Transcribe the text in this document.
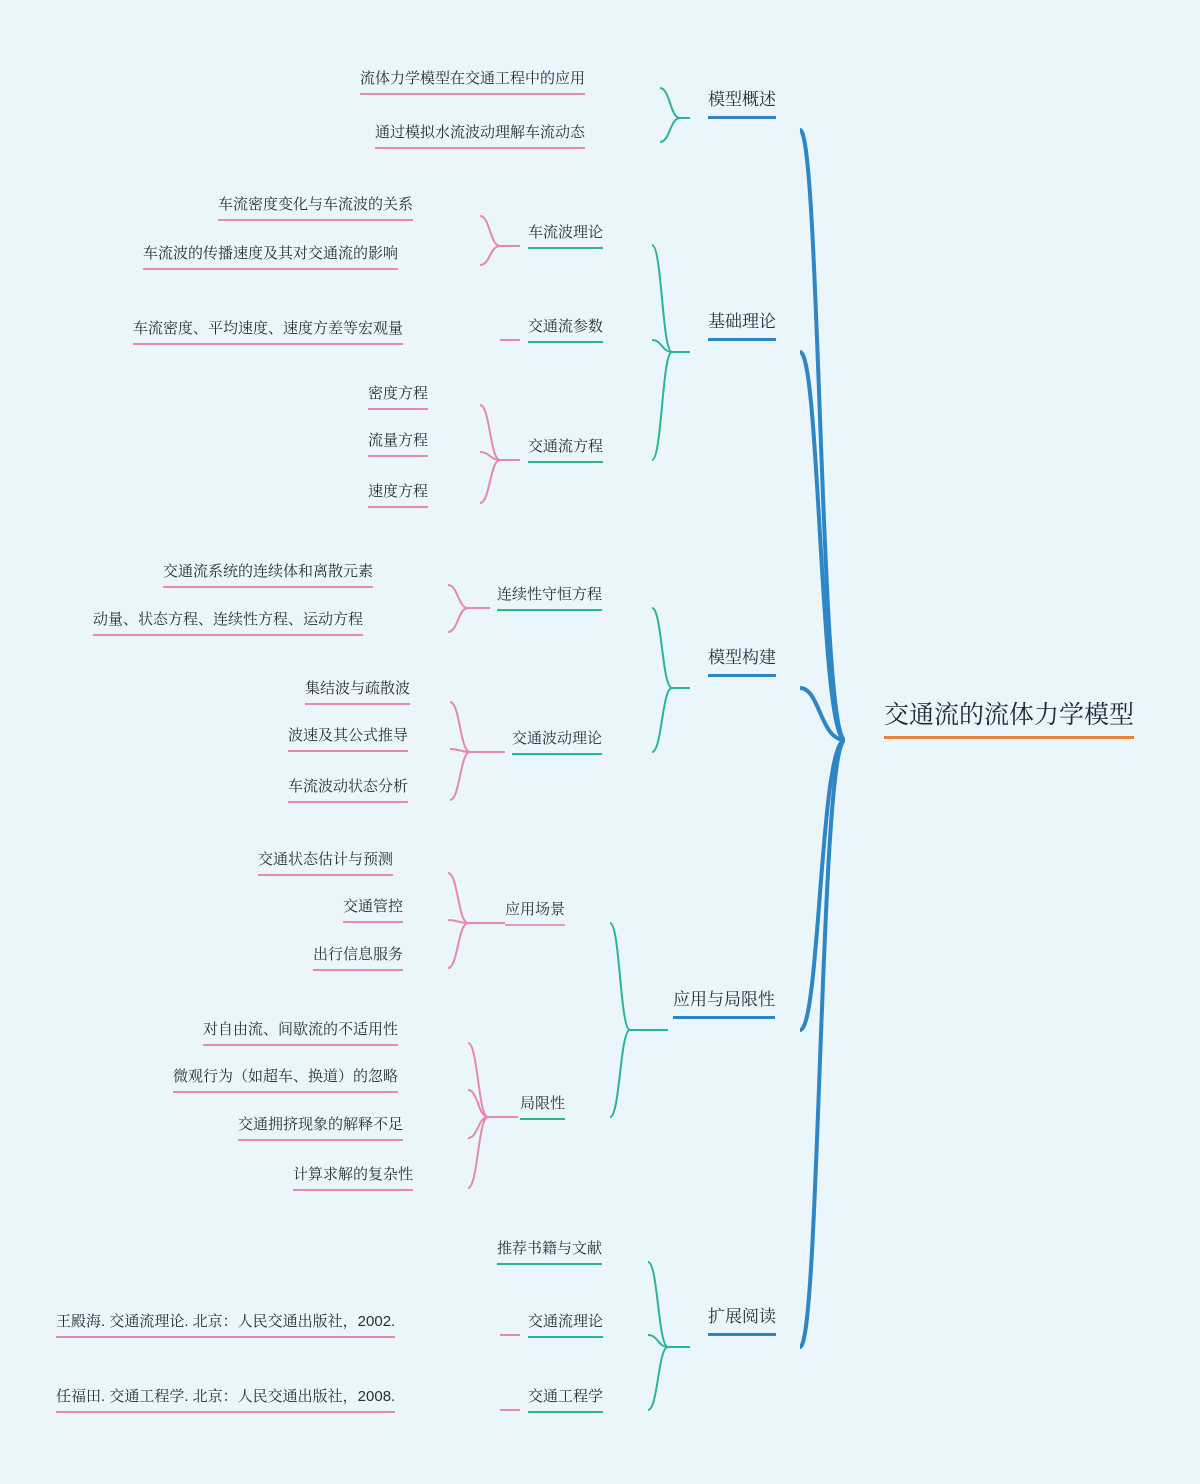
交通流的流体力学模型
模型概述
基础理论
模型构建
应用与局限性
扩展阅读
流体力学模型在交通工程中的应用
通过模拟水流波动理解车流动态
车流波理论
交通流参数
交通流方程
车流密度变化与车流波的关系
车流波的传播速度及其对交通流的影响
车流密度、平均速度、速度方差等宏观量
密度方程
流量方程
速度方程
连续性守恒方程
交通波动理论
交通流系统的连续体和离散元素
动量、状态方程、连续性方程、运动方程
集结波与疏散波
波速及其公式推导
车流波动状态分析
应用场景
局限性
交通状态估计与预测
交通管控
出行信息服务
对自由流、间歇流的不适用性
微观行为（如超车、换道）的忽略
交通拥挤现象的解释不足
计算求解的复杂性
推荐书籍与文献
交通流理论
交通工程学
王殿海. 交通流理论. 北京：人民交通出版社，2002.
任福田. 交通工程学. 北京：人民交通出版社，2008.
